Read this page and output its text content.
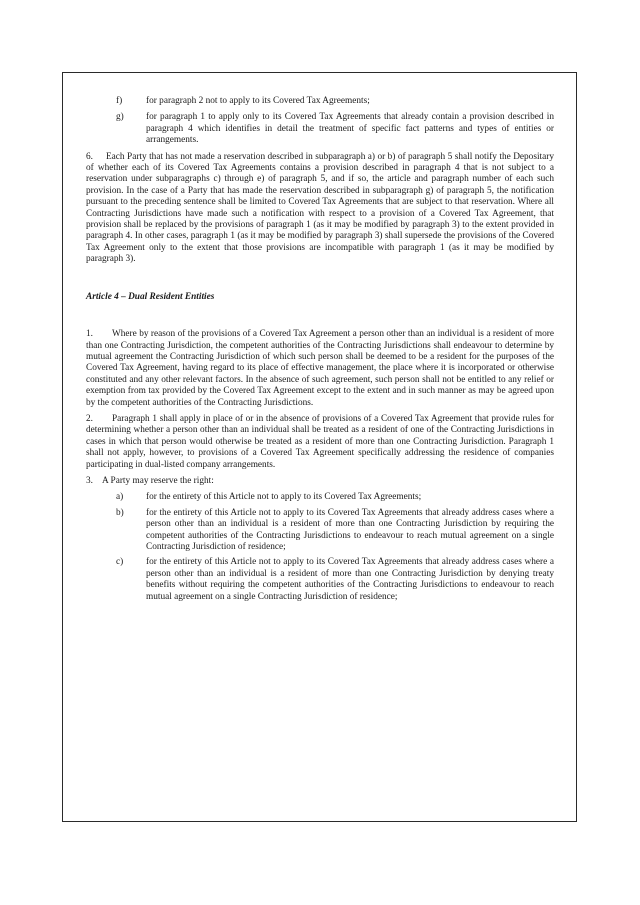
f)	for paragraph 2 not to apply to its Covered Tax Agreements;
g)	for paragraph 1 to apply only to its Covered Tax Agreements that already contain a provision described in paragraph 4 which identifies in detail the treatment of specific fact patterns and types of entities or arrangements.

6. Each Party that has not made a reservation described in subparagraph a) or b) of paragraph 5 shall notify the Depositary of whether each of its Covered Tax Agreements contains a provision described in paragraph 4 that is not subject to a reservation under subparagraphs c) through e) of paragraph 5, and if so, the article and paragraph number of each such provision. In the case of a Party that has made the reservation described in subparagraph g) of paragraph 5, the notification pursuant to the preceding sentence shall be limited to Covered Tax Agreements that are subject to that reservation. Where all Contracting Jurisdictions have made such a notification with respect to a provision of a Covered Tax Agreement, that provision shall be replaced by the provisions of paragraph 1 (as it may be modified by paragraph 3) to the extent provided in paragraph 4. In other cases, paragraph 1 (as it may be modified by paragraph 3) shall supersede the provisions of the Covered Tax Agreement only to the extent that those provisions are incompatible with paragraph 1 (as it may be modified by paragraph 3).

Article 4 – Dual Resident Entities

1. Where by reason of the provisions of a Covered Tax Agreement a person other than an individual is a resident of more than one Contracting Jurisdiction, the competent authorities of the Contracting Jurisdictions shall endeavour to determine by mutual agreement the Contracting Jurisdiction of which such person shall be deemed to be a resident for the purposes of the Covered Tax Agreement, having regard to its place of effective management, the place where it is incorporated or otherwise constituted and any other relevant factors. In the absence of such agreement, such person shall not be entitled to any relief or exemption from tax provided by the Covered Tax Agreement except to the extent and in such manner as may be agreed upon by the competent authorities of the Contracting Jurisdictions.

2. Paragraph 1 shall apply in place of or in the absence of provisions of a Covered Tax Agreement that provide rules for determining whether a person other than an individual shall be treated as a resident of one of the Contracting Jurisdictions in cases in which that person would otherwise be treated as a resident of more than one Contracting Jurisdiction. Paragraph 1 shall not apply, however, to provisions of a Covered Tax Agreement specifically addressing the residence of companies participating in dual-listed company arrangements.

3. A Party may reserve the right:

a)	for the entirety of this Article not to apply to its Covered Tax Agreements;
b)	for the entirety of this Article not to apply to its Covered Tax Agreements that already address cases where a person other than an individual is a resident of more than one Contracting Jurisdiction by requiring the competent authorities of the Contracting Jurisdictions to endeavour to reach mutual agreement on a single Contracting Jurisdiction of residence;
c)	for the entirety of this Article not to apply to its Covered Tax Agreements that already address cases where a person other than an individual is a resident of more than one Contracting Jurisdiction by denying treaty benefits without requiring the competent authorities of the Contracting Jurisdictions to endeavour to reach mutual agreement on a single Contracting Jurisdiction of residence;
